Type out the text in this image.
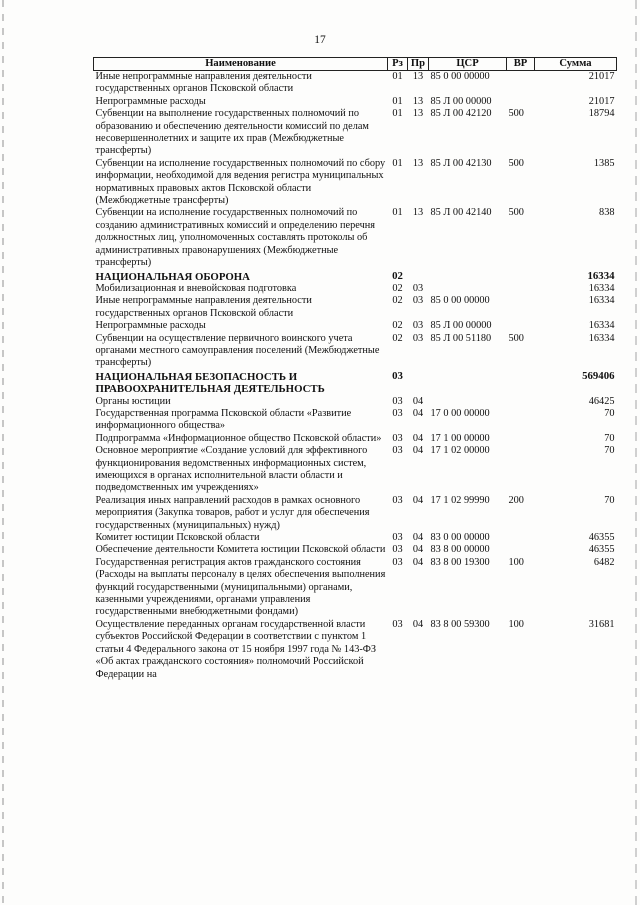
17
Наименование	Рз	Пр	ЦСР	ВР	Сумма
Иные непрограммные направления деятельности государственных органов Псковской области	01	13	85 0 00 00000		21017
Непрограммные расходы	01	13	85 Л 00 00000		21017
Субвенции на выполнение государственных полномочий по образованию и обеспечению деятельности комиссий по делам несовершеннолетних и защите их прав (Межбюджетные трансферты)	01	13	85 Л 00 42120	500	18794
Субвенции на исполнение государственных полномочий по сбору информации, необходимой для ведения регистра муниципальных нормативных правовых актов Псковской области (Межбюджетные трансферты)	01	13	85 Л 00 42130	500	1385
Субвенции на исполнение государственных полномочий по созданию административных комиссий и определению перечня должностных лиц, уполномоченных составлять протоколы об административных правонарушениях (Межбюджетные трансферты)	01	13	85 Л 00 42140	500	838
НАЦИОНАЛЬНАЯ ОБОРОНА	02				16334
Мобилизационная и вневойсковая подготовка	02	03			16334
Иные непрограммные направления деятельности государственных органов Псковской области	02	03	85 0 00 00000		16334
Непрограммные расходы	02	03	85 Л 00 00000		16334
Субвенции на осуществление первичного воинского учета органами местного самоуправления поселений (Межбюджетные трансферты)	02	03	85 Л 00 51180	500	16334
НАЦИОНАЛЬНАЯ БЕЗОПАСНОСТЬ И ПРАВООХРАНИТЕЛЬНАЯ ДЕЯТЕЛЬНОСТЬ	03				569406
Органы юстиции	03	04			46425
Государственная программа Псковской области «Развитие информационного общества»	03	04	17 0 00 00000		70
Подпрограмма «Информационное общество Псковской области»	03	04	17 1 00 00000		70
Основное мероприятие «Создание условий для эффективного функционирования ведомственных информационных систем, имеющихся в органах исполнительной власти области и подведомственных им учреждениях»	03	04	17 1 02 00000		70
Реализация иных направлений расходов в рамках основного мероприятия (Закупка товаров, работ и услуг для обеспечения государственных (муниципальных) нужд)	03	04	17 1 02 99990	200	70
Комитет юстиции Псковской области	03	04	83 0 00 00000		46355
Обеспечение деятельности Комитета юстиции Псковской области	03	04	83 8 00 00000		46355
Государственная регистрация актов гражданского состояния (Расходы на выплаты персоналу в целях обеспечения выполнения функций государственными (муниципальными) органами, казенными учреждениями, органами управления государственными внебюджетными фондами)	03	04	83 8 00 19300	100	6482
Осуществление переданных органам государственной власти субъектов Российской Федерации в соответствии с пунктом 1 статьи 4 Федерального закона от 15 ноября 1997 года № 143-ФЗ «Об актах гражданского состояния» полномочий Российской Федерации на	03	04	83 8 00 59300	100	31681
